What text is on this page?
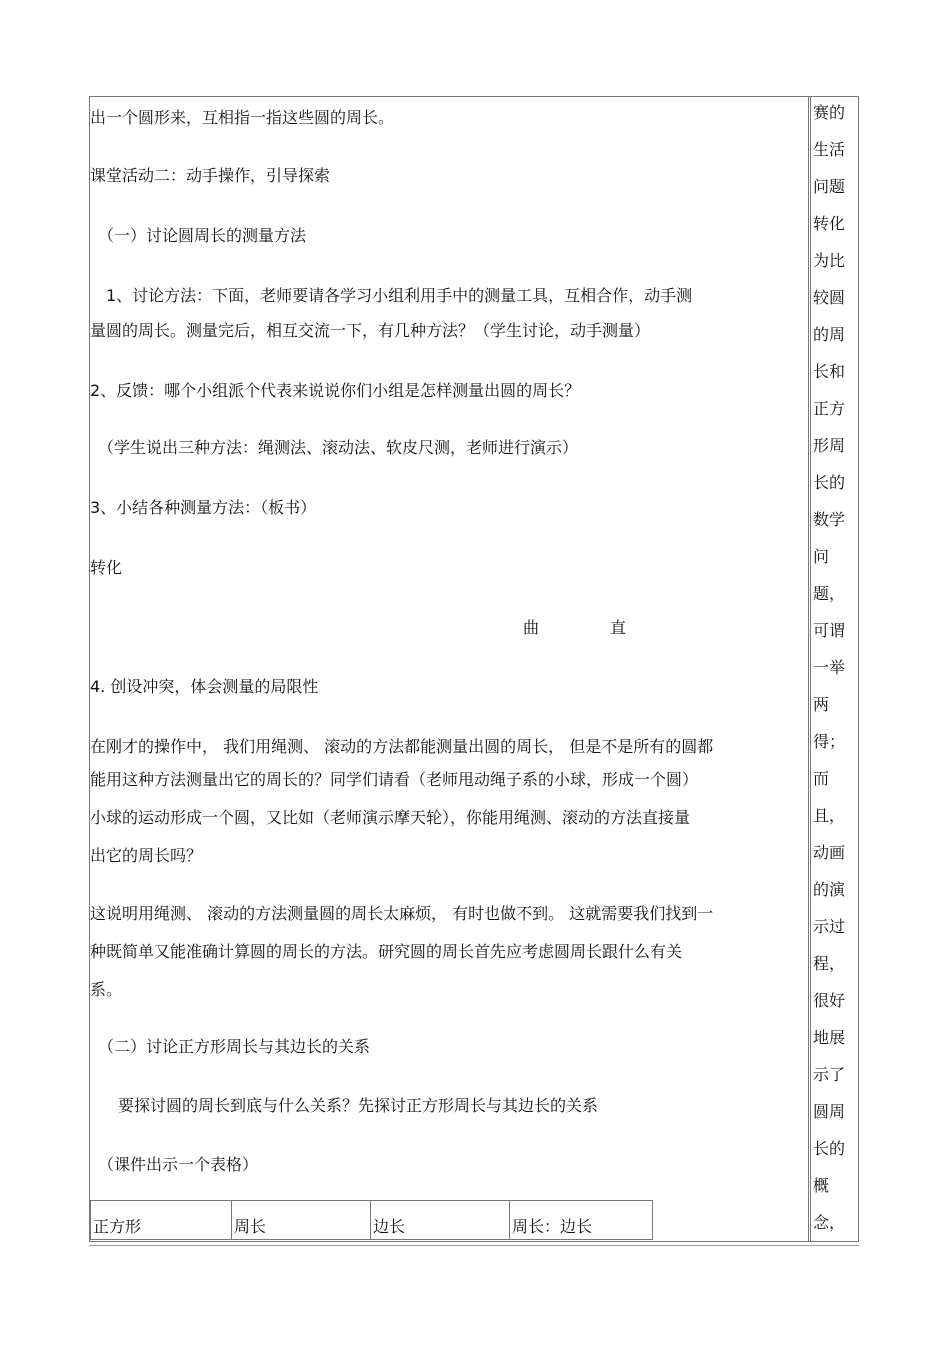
出一个圆形来，互相指一指这些圆的周长。
课堂活动二：动手操作，引导探索
（一）讨论圆周长的测量方法
1、讨论方法：下面，老师要请各学习小组利用手中的测量工具，互相合作，动手测
量圆的周长。测量完后，相互交流一下，有几种方法？（学生讨论，动手测量）
2、反馈：哪个小组派个代表来说说你们小组是怎样测量出圆的周长？
（学生说出三种方法：绳测法、滚动法、软皮尺测，老师进行演示）
3、小结各种测量方法：（板书）
转化
曲	直
4. 创设冲突，体会测量的局限性
在刚才的操作中， 我们用绳测、 滚动的方法都能测量出圆的周长， 但是不是所有的圆都
能用这种方法测量出它的周长的？同学们请看（老师甩动绳子系的小球，形成一个圆）
小球的运动形成一个圆，又比如（老师演示摩天轮），你能用绳测、滚动的方法直接量
出它的周长吗？
这说明用绳测、 滚动的方法测量圆的周长太麻烦， 有时也做不到。 这就需要我们找到一
种既简单又能准确计算圆的周长的方法。研究圆的周长首先应考虑圆周长跟什么有关
系。
（二）讨论正方形周长与其边长的关系
要探讨圆的周长到底与什么关系？先探讨正方形周长与其边长的关系
（课件出示一个表格）
正方形	周长	边长	周长：边长
赛的
生活
问题
转化
为比
较圆
的周
长和
正方
形周
长的
数学
问
题，
可谓
一举
两
得；
而
且，
动画
的演
示过
程，
很好
地展
示了
圆周
长的
概
念，
